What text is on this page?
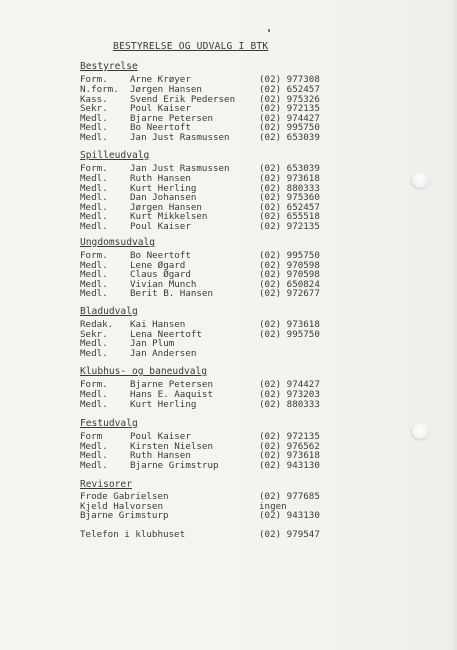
BESTYRELSE OG UDVALG I BTK
Bestyrelse
Form. Arne Krøyer	(02) 977308
N.form. Jørgen Hansen	(02) 652457
Kass. Svend Erik Pedersen	(02) 975326
Sekr. Poul Kaiser	(02) 972135
Medl. Bjarne Petersen	(02) 974427
Medl. Bo Neertoft	(02) 995750
Medl. Jan Just Rasmussen	(02) 653039
Spilleudvalg
Form. Jan Just Rasmussen	(02) 653039
Medl. Ruth Hansen	(02) 973618
Medl. Kurt Herling	(02) 880333
Medl. Dan Johansen	(02) 975360
Medl. Jørgen Hansen	(02) 652457
Medl. Kurt Mikkelsen	(02) 655518
Medl. Poul Kaiser	(02) 972135
Ungdomsudvalg
Form. Bo Neertoft	(02) 995750
Medl. Lene Øgard	(02) 970598
Medl. Claus Øgard	(02) 970598
Medl. Vivian Munch	(02) 650824
Medl. Berit B. Hansen	(02) 972677
Bladudvalg
Redak. Kai Hansen	(02) 973618
Sekr. Lena Neertoft	(02) 995750
Medl. Jan Plum
Medl. Jan Andersen
Klubhus- og baneudvalg
Form. Bjarne Petersen	(02) 974427
Medl. Hans E. Aaquist	(02) 973203
Medl. Kurt Herling	(02) 880333
Festudvalg
Form	Poul Kaiser	(02) 972135
Medl. Kirsten Nielsen	(02) 976562
Medl. Ruth Hansen	(02) 973618
Medl. Bjarne Grimstrup	(02) 943130
Revisorer
Frode Gabrielsen	(02) 977685
Kjeld Halvorsen	ingen
Bjarne Grimsturp	(02) 943130
Telefon i klubhuset	(02) 979547
